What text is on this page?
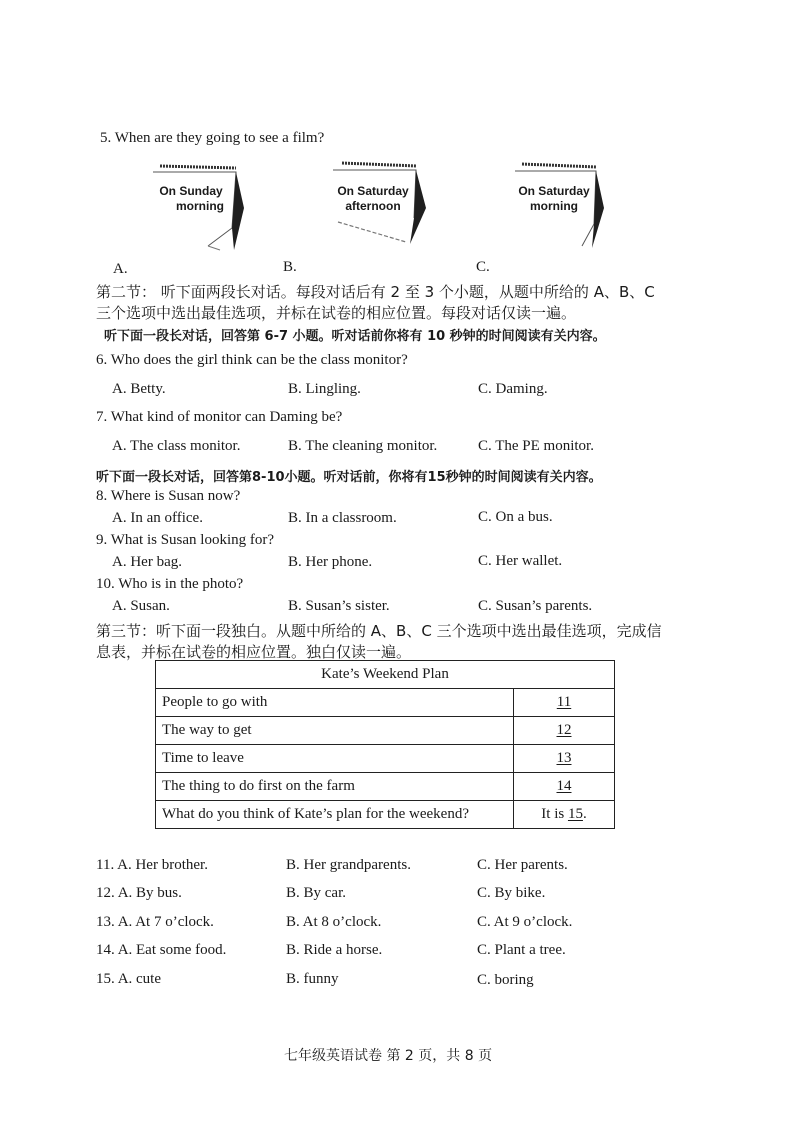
5. When are they going to see a film?
On Sunday
morning
On Saturday
afternoon
On Saturday
morning
A.	B.	C.
第二节： 听下面两段长对话。每段对话后有 2 至 3 个小题，从题中所给的 A、B、C
三个选项中选出最佳选项，并标在试卷的相应位置。每段对话仅读一遍。
听下面一段长对话，回答第 6-7 小题。听对话前你将有 10 秒钟的时间阅读有关内容。
6. Who does the girl think can be the class monitor?
A. Betty.	B. Lingling.	C. Daming.
7. What kind of monitor can Daming be?
A. The class monitor.	B. The cleaning monitor.	C. The PE monitor.
听下面一段长对话，回答第8-10小题。听对话前，你将有15秒钟的时间阅读有关内容。
8. Where is Susan now?
A. In an office.	B. In a classroom.	C. On a bus.
9. What is Susan looking for?
A. Her bag.	B. Her phone.	C. Her wallet.
10. Who is in the photo?
A. Susan.	B. Susan’s sister.	C. Susan’s parents.
第三节：听下面一段独白。从题中所给的 A、B、C 三个选项中选出最佳选项，完成信
息表，并标在试卷的相应位置。独白仅读一遍。
Kate’s Weekend Plan	
People to go with	11
The way to get	12
Time to leave	13
The thing to do first on the farm	14
What do you think of Kate’s plan for the weekend?	It is 15.
11. A. Her brother.	B. Her grandparents.	C. Her parents.
12. A. By bus.	B. By car.	C. By bike.
13. A. At 7 o’clock.	B. At 8 o’clock.	C. At 9 o’clock.
14. A. Eat some food.	B. Ride a horse.	C. Plant a tree.
15. A. cute	B. funny	C. boring
七年级英语试卷 第 2 页，共 8 页
